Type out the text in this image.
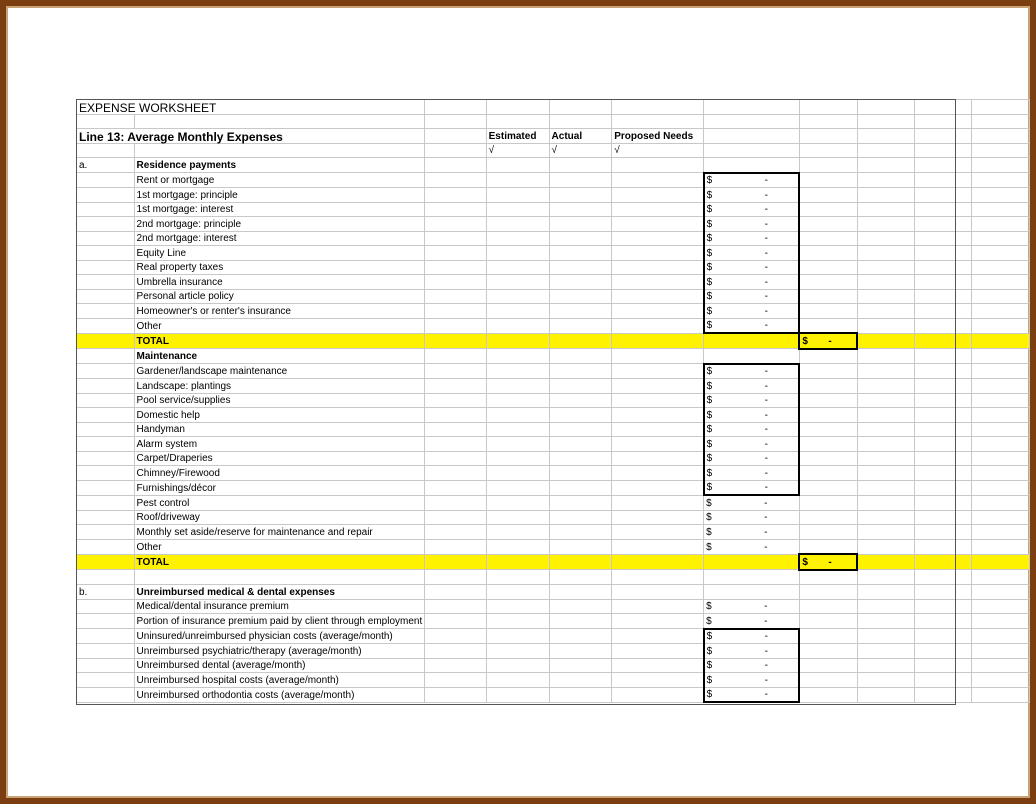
EXPENSE WORKSHEET										

Line 13: Average Monthly Expenses			Estimated	Actual	Proposed Needs					
			√	√	√					
a.	Residence payments									
	Rent or mortgage					$ -				
	1st mortgage: principle					$ -				
	1st mortgage: interest					$ -				
	2nd mortgage: principle					$ -				
	2nd mortgage: interest					$ -				
	Equity Line					$ -				
	Real property taxes					$ -				
	Umbrella insurance					$ -				
	Personal article policy					$ -				
	Homeowner's or renter's insurance					$ -				
	Other					$ -				
	TOTAL						$ -			
	Maintenance									
	Gardener/landscape maintenance					$ -				
	Landscape: plantings					$ -				
	Pool service/supplies					$ -				
	Domestic help					$ -				
	Handyman					$ -				
	Alarm system					$ -				
	Carpet/Draperies					$ -				
	Chimney/Firewood					$ -				
	Furnishings/décor					$ -				
	Pest control					$ -				
	Roof/driveway					$ -				
	Monthly set aside/reserve for maintenance and repair					$ -				
	Other					$ -				
	TOTAL						$ -			

b.	Unreimbursed medical & dental expenses									
	Medical/dental insurance premium					$ -				
	Portion of insurance premium paid by client through employment					$ -				
	Uninsured/unreimbursed physician costs (average/month)					$ -				
	Unreimbursed psychiatric/therapy (average/month)					$ -				
	Unreimbursed dental (average/month)					$ -				
	Unreimbursed hospital costs (average/month)					$ -				
	Unreimbursed orthodontia costs (average/month)					$ -				
